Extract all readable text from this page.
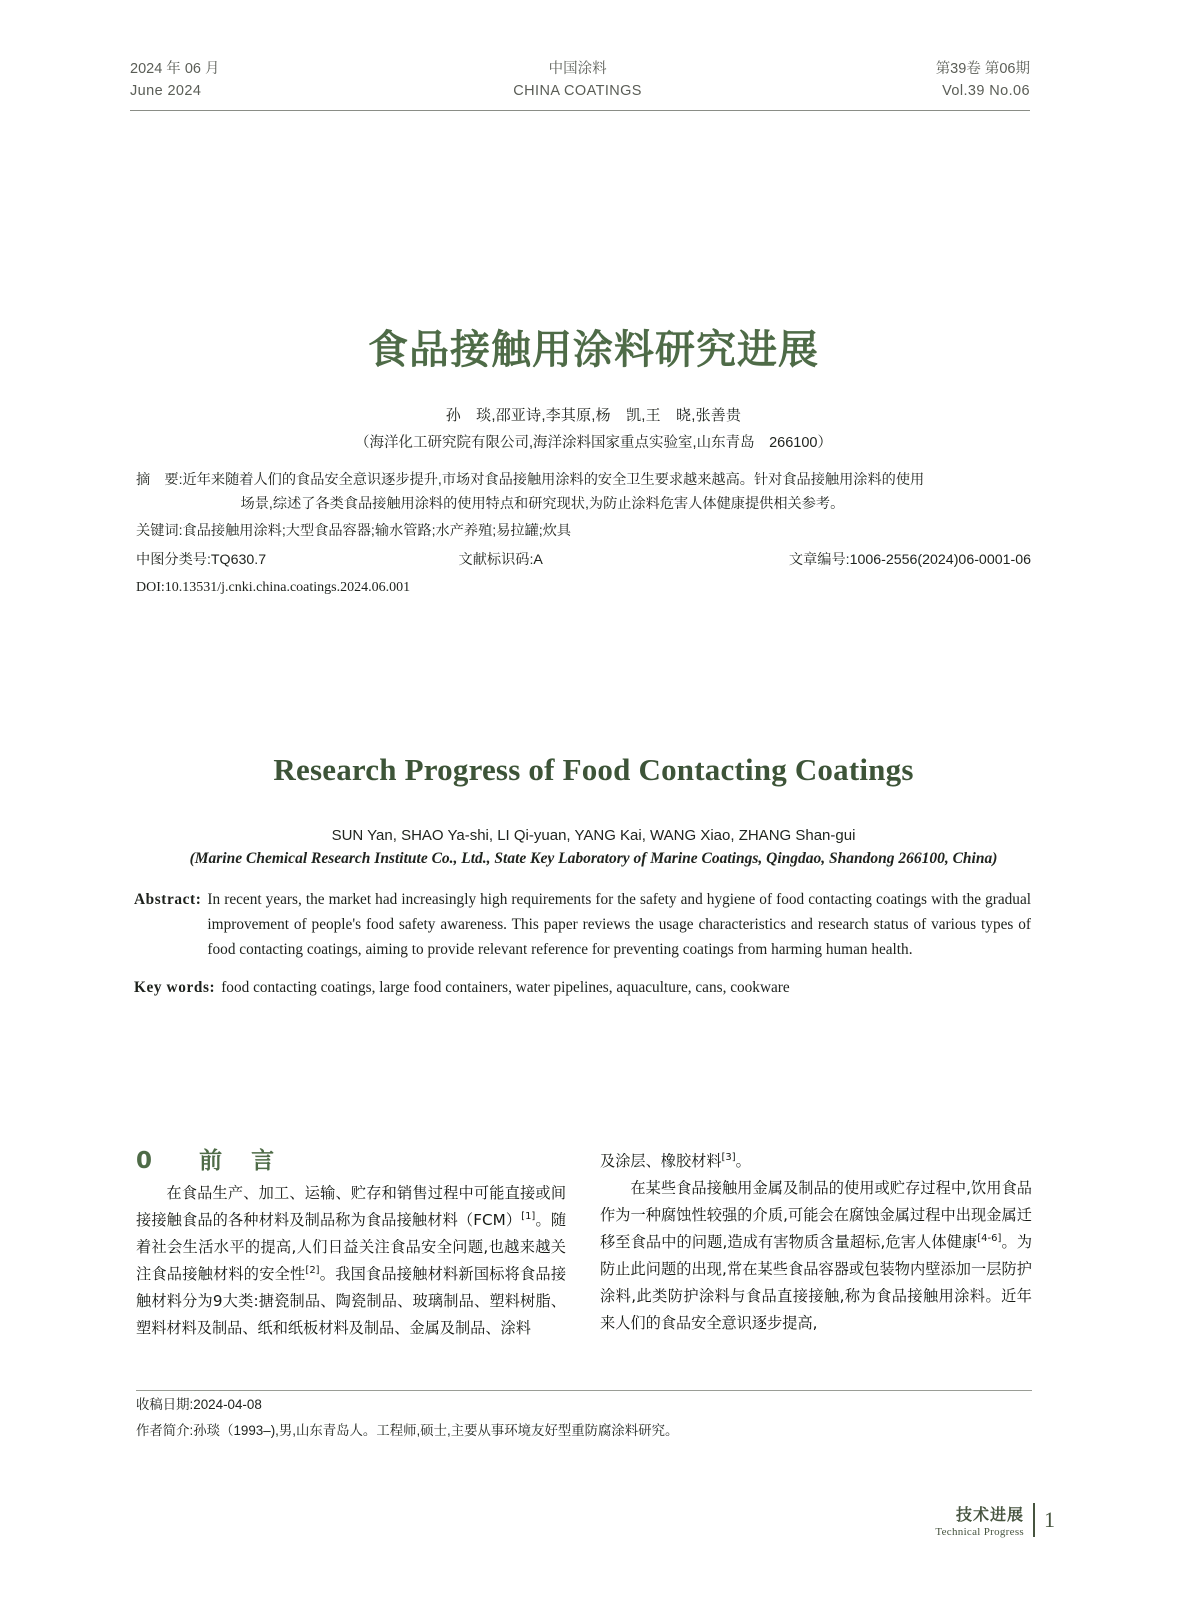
2024 年 06 月
June 2024
中国涂料
CHINA COATINGS
第39卷 第06期
Vol.39 No.06
食品接触用涂料研究进展
孙　琰,邵亚诗,李其原,杨　凯,王　晓,张善贵
（海洋化工研究院有限公司,海洋涂料国家重点实验室,山东青岛　266100）
摘　要: 近年来随着人们的食品安全意识逐步提升,市场对食品接触用涂料的安全卫生要求越来越高。针对食品接触用涂料的使用
场景,综述了各类食品接触用涂料的使用特点和研究现状,为防止涂料危害人体健康提供相关参考。
关键词: 食品接触用涂料;大型食品容器;输水管路;水产养殖;易拉罐;炊具
中图分类号:TQ630.7	文献标识码:A	文章编号:1006-2556(2024)06-0001-06
DOI:10.13531/j.cnki.china.coatings.2024.06.001
Research Progress of Food Contacting Coatings
SUN Yan, SHAO Ya-shi, LI Qi-yuan, YANG Kai, WANG Xiao, ZHANG Shan-gui
(Marine Chemical Research Institute Co., Ltd., State Key Laboratory of Marine Coatings, Qingdao, Shandong 266100, China)
Abstract: In recent years, the market had increasingly high requirements for the safety and hygiene of food contacting coatings with the gradual improvement of people's food safety awareness. This paper reviews the usage characteristics and research status of various types of food contacting coatings, aiming to provide relevant reference for preventing coatings from harming human health.
Key words: food contacting coatings, large food containers, water pipelines, aquaculture, cans, cookware
0 前　言

在食品生产、加工、运输、贮存和销售过程中可能直接或间接接触食品的各种材料及制品称为食品接触材料（FCM）[1]。随着社会生活水平的提高,人们日益关注食品安全问题,也越来越关注食品接触材料的安全性[2]。我国食品接触材料新国标将食品接触材料分为9大类:搪瓷制品、陶瓷制品、玻璃制品、塑料树脂、塑料材料及制品、纸和纸板材料及制品、金属及制品、涂料

及涂层、橡胶材料[3]。

在某些食品接触用金属及制品的使用或贮存过程中,饮用食品作为一种腐蚀性较强的介质,可能会在腐蚀金属过程中出现金属迁移至食品中的问题,造成有害物质含量超标,危害人体健康[4-6]。为防止此问题的出现,常在某些食品容器或包装物内壁添加一层防护涂料,此类防护涂料与食品直接接触,称为食品接触用涂料。近年来人们的食品安全意识逐步提高,

收稿日期:2024-04-08
作者简介:孙琰（1993–),男,山东青岛人。工程师,硕士,主要从事环境友好型重防腐涂料研究。
技术进展
Technical Progress 1
